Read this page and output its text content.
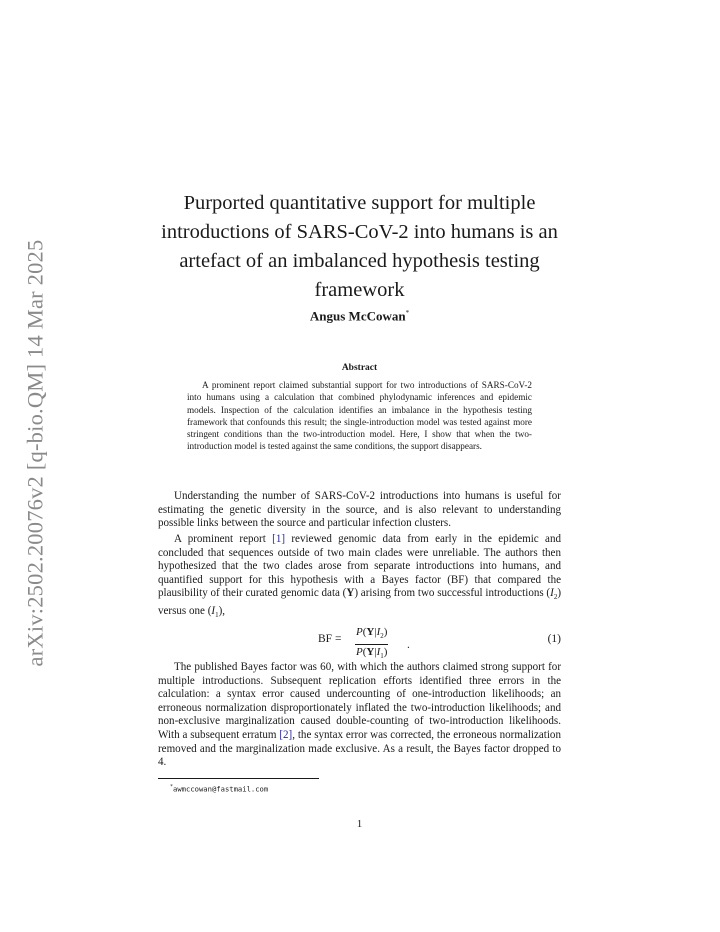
arXiv:2502.20076v2 [q-bio.QM] 14 Mar 2025
Purported quantitative support for multiple introductions of SARS-CoV-2 into humans is an artefact of an imbalanced hypothesis testing framework
Angus McCowan*
Abstract

A prominent report claimed substantial support for two introductions of SARS-CoV-2 into humans using a calculation that combined phylodynamic inferences and epidemic models. Inspection of the calculation identifies an imbalance in the hypothesis testing framework that confounds this result; the single-introduction model was tested against more stringent conditions than the two-introduction model. Here, I show that when the two-introduction model is tested against the same conditions, the support disappears.

Understanding the number of SARS-CoV-2 introductions into humans is useful for estimating the genetic diversity in the source, and is also relevant to understanding possible links between the source and particular infection clusters.

A prominent report [1] reviewed genomic data from early in the epidemic and concluded that sequences outside of two main clades were unreliable. The authors then hypothesized that the two clades arose from separate introductions into humans, and quantified support for this hypothesis with a Bayes factor (BF) that compared the plausibility of their curated genomic data (Y) arising from two successful introductions $(I_2)$ versus one $(I_1)$,

BF = $\frac{P(Y|I_2)}{P(Y|I_1)}$ .	(1)

The published Bayes factor was 60, with which the authors claimed strong support for multiple introductions. Subsequent replication efforts identified three errors in the calculation: a syntax error caused undercounting of one-introduction likelihoods; an erroneous normalization disproportionately inflated the two-introduction likelihoods; and non-exclusive marginalization caused double-counting of two-introduction likelihoods. With a subsequent erratum [2], the syntax error was corrected, the erroneous normalization removed and the marginalization made exclusive. As a result, the Bayes factor dropped to 4.

*awmccowan@fastmail.com
1
